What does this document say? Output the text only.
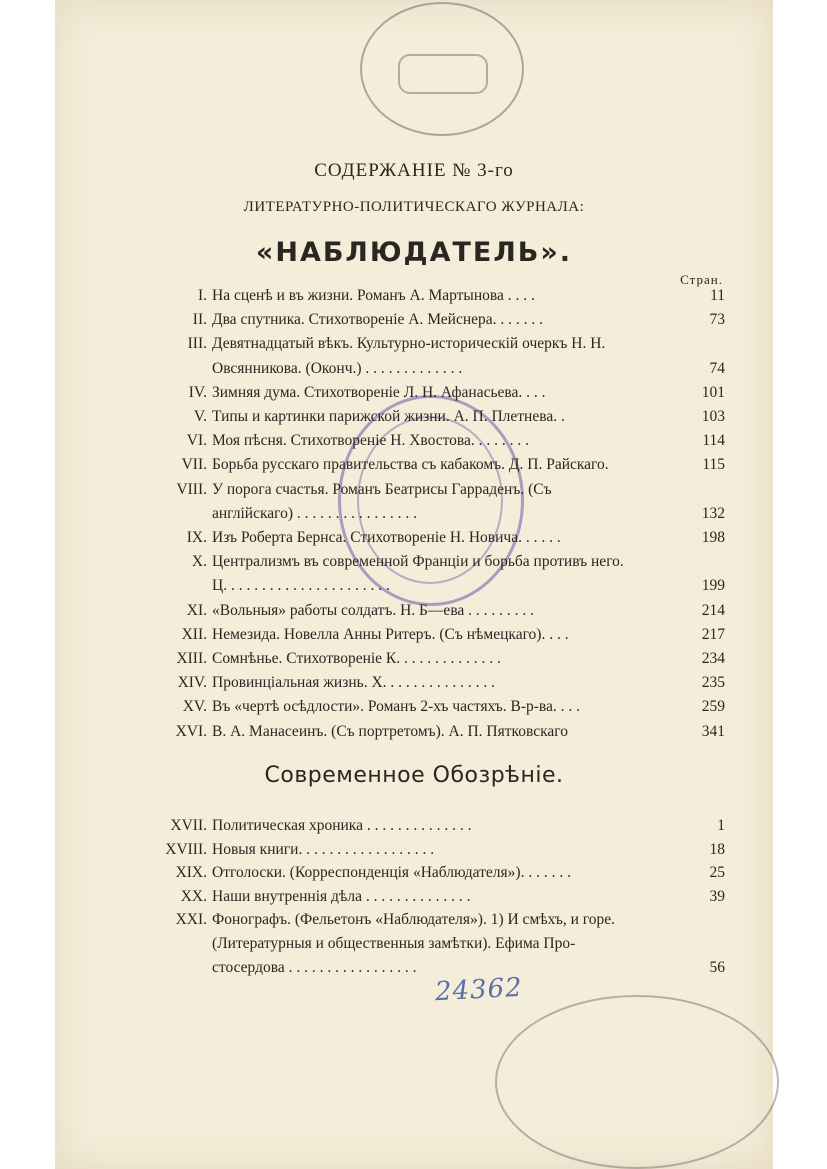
24362
СОДЕРЖАНІЕ № 3-го
ЛИТЕРАТУРНО-ПОЛИТИЧЕСКАГО ЖУРНАЛА:
«НАБЛЮДАТЕЛЬ».
Стран.
I. На сценѣ и въ жизни. Романъ А. Мартынова . . . .	11
II. Два спутника. Стихотвореніе А. Мейснера. . . . . . .	73
III. Девятнадцатый вѣкъ. Культурно-историческій очеркъ Н. Н.
Овсянникова. (Оконч.) . . . . . . . . . . . . .	74
IV. Зимняя дума. Стихотвореніе Л. Н. Афанасьева. . . .	101
V. Типы и картинки парижской жизни. А. П. Плетнева. .	103
VI. Моя пѣсня. Стихотвореніе Н. Хвостова. . . . . . . .	114
VII. Борьба русскаго правительства съ кабакомъ. Д. П. Райскаго.	115
VIII. У порога счастья. Романъ Беатрисы Гарраденъ. (Съ
англійскаго) . . . . . . . . . . . . . . . .	132
IX. Изъ Роберта Бернса. Стихотвореніе Н. Новича. . . . . .	198
X. Централизмъ въ современной Франціи и борьба противъ него.
Ц. . . . . . . . . . . . . . . . . . . . . .	199
XI. «Вольныя» работы солдатъ. Н. Б—ева . . . . . . . . .	214
XII. Немезида. Новелла Анны Ритеръ. (Съ нѣмецкаго). . . .	217
XIII. Сомнѣнье. Стихотвореніе К. . . . . . . . . . . . . .	234
XIV. Провинціальная жизнь. Х. . . . . . . . . . . . . . .	235
XV. Въ «чертѣ осѣдлости». Романъ 2-хъ частяхъ. В-р-ва. . . .	259
XVI. В. А. Манасеинъ. (Съ портретомъ). А. П. Пятковскаго	341
Современное Обозрѣніе.
XVII. Политическая хроника . . . . . . . . . . . . . .	1
XVIII. Новыя книги. . . . . . . . . . . . . . . . . .	18
XIX. Отголоски. (Корреспонденція «Наблюдателя»). . . . . . .	25
XX. Наши внутреннія дѣла . . . . . . . . . . . . . .	39
XXI. Фонографъ. (Фельетонъ «Наблюдателя»). 1) И смѣхъ, и горе.
(Литературныя и общественныя замѣтки). Ефима Про-
стосердова . . . . . . . . . . . . . . . . .	56
